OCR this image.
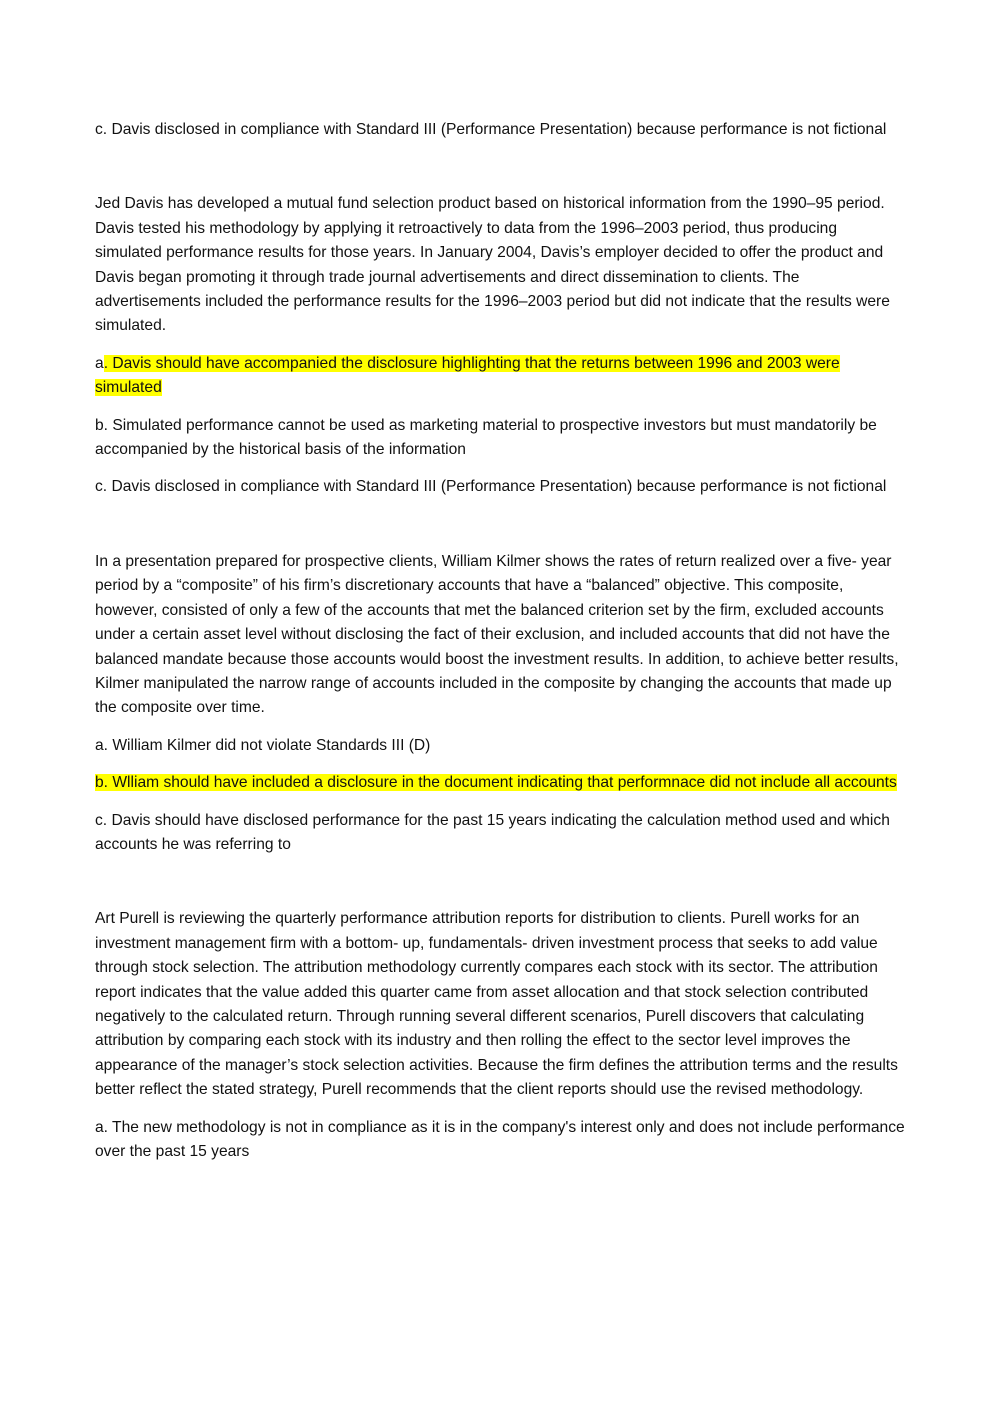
c. Davis disclosed in compliance with Standard III (Performance Presentation) because performance is not fictional

Jed Davis has developed a mutual fund selection product based on historical information from the 1990–95 period. Davis tested his methodology by applying it retroactively to data from the 1996–2003 period, thus producing simulated performance results for those years. In January 2004, Davis’s employer decided to offer the product and Davis began promoting it through trade journal advertisements and direct dissemination to clients. The advertisements included the performance results for the 1996–2003 period but did not indicate that the results were simulated.

a. Davis should have accompanied the disclosure highlighting that the returns between 1996 and 2003 were simulated

b. Simulated performance cannot be used as marketing material to prospective investors but must mandatorily be accompanied by the historical basis of the information

c. Davis disclosed in compliance with Standard III (Performance Presentation) because performance is not fictional

In a presentation prepared for prospective clients, William Kilmer shows the rates of return realized over a five- year period by a “composite” of his firm’s discretionary accounts that have a “balanced” objective. This composite, however, consisted of only a few of the accounts that met the balanced criterion set by the firm, excluded accounts under a certain asset level without disclosing the fact of their exclusion, and included accounts that did not have the balanced mandate because those accounts would boost the investment results. In addition, to achieve better results, Kilmer manipulated the narrow range of accounts included in the composite by changing the accounts that made up the composite over time.

a. William Kilmer did not violate Standards III (D)

b. Wlliam should have included a disclosure in the document indicating that performnace did not include all accounts

c. Davis should have disclosed performance for the past 15 years indicating the calculation method used and which accounts he was referring to

Art Purell is reviewing the quarterly performance attribution reports for distribution to clients. Purell works for an investment management firm with a bottom- up, fundamentals- driven investment process that seeks to add value through stock selection. The attribution methodology currently compares each stock with its sector. The attribution report indicates that the value added this quarter came from asset allocation and that stock selection contributed negatively to the calculated return. Through running several different scenarios, Purell discovers that calculating attribution by comparing each stock with its industry and then rolling the effect to the sector level improves the appearance of the manager’s stock selection activities. Because the firm defines the attribution terms and the results better reflect the stated strategy, Purell recommends that the client reports should use the revised methodology.

a. The new methodology is not in compliance as it is in the company's interest only and does not include performance over the past 15 years
